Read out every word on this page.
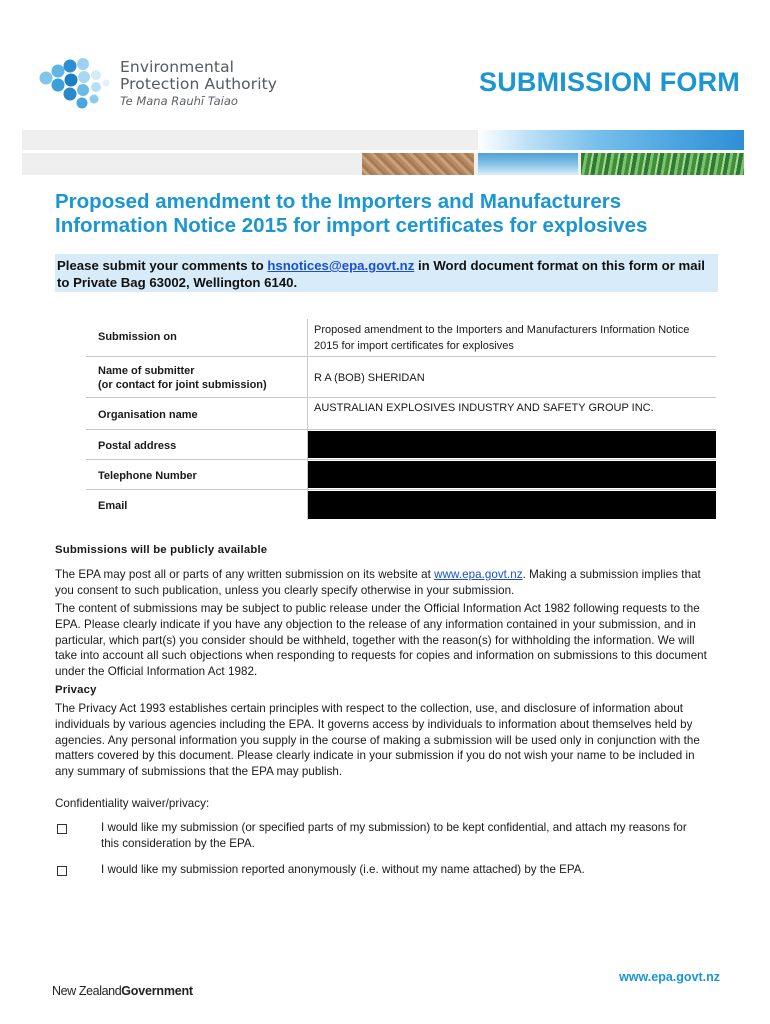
Environmental
Protection Authority
Te Mana Rauhī Taiao
SUBMISSION FORM
Proposed amendment to the Importers and Manufacturers Information Notice 2015 for import certificates for explosives
Please submit your comments to hsnotices@epa.govt.nz in Word document format on this form or mail to Private Bag 63002, Wellington 6140.
Submission on
Proposed amendment to the Importers and Manufacturers Information Notice 2015 for import certificates for explosives
Name of submitter
(or contact for joint submission)
R A (BOB) SHERIDAN
Organisation name
AUSTRALIAN EXPLOSIVES INDUSTRY AND SAFETY GROUP INC.
Postal address
Telephone Number
Email
Submissions will be publicly available
The EPA may post all or parts of any written submission on its website at www.epa.govt.nz. Making a submission implies that you consent to such publication, unless you clearly specify otherwise in your submission.
The content of submissions may be subject to public release under the Official Information Act 1982 following requests to the EPA. Please clearly indicate if you have any objection to the release of any information contained in your submission, and in particular, which part(s) you consider should be withheld, together with the reason(s) for withholding the information. We will take into account all such objections when responding to requests for copies and information on submissions to this document under the Official Information Act 1982.
Privacy
The Privacy Act 1993 establishes certain principles with respect to the collection, use, and disclosure of information about individuals by various agencies including the EPA. It governs access by individuals to information about themselves held by agencies. Any personal information you supply in the course of making a submission will be used only in conjunction with the matters covered by this document. Please clearly indicate in your submission if you do not wish your name to be included in any summary of submissions that the EPA may publish.
Confidentiality waiver/privacy:
I would like my submission (or specified parts of my submission) to be kept confidential, and attach my reasons for this consideration by the EPA.
I would like my submission reported anonymously (i.e. without my name attached) by the EPA.
www.epa.govt.nz
New ZealandGovernment
